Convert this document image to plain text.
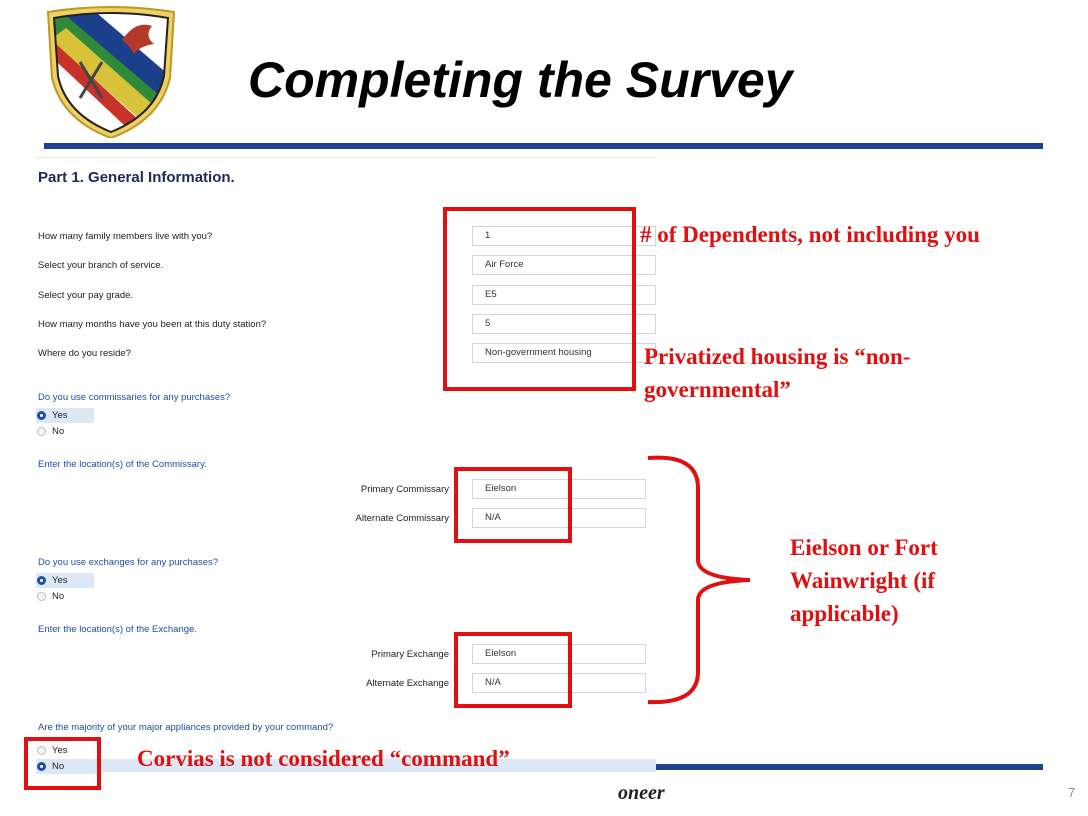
Completing the Survey
Part 1. General Information.
How many family members live with you?	1
Select your branch of service.	Air Force
Select your pay grade.	E5
How many months have you been at this duty station?	5
Where do you reside?	Non-government housing
Do you use commissaries for any purchases?
Yes
No
Enter the location(s) of the Commissary.
Primary Commissary	Eielson
Alternate Commissary	N/A
Do you use exchanges for any purchases?
Yes
No
Enter the location(s) of the Exchange.
Primary Exchange	Eielson
Alternate Exchange	N/A
Are the majority of your major appliances provided by your command?
Yes
No
# of Dependents, not including you
Privatized housing is “non-
governmental”
Eielson or Fort
Wainwright (if
applicable)
Corvias is not considered “command”
oneer	7
